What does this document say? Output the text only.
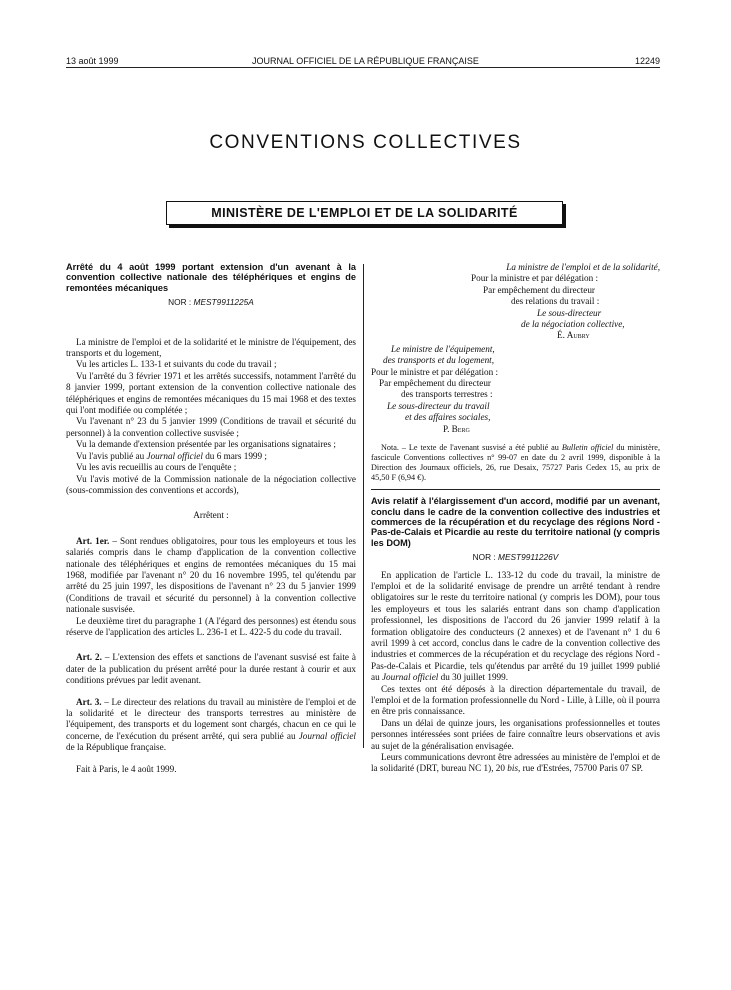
13 août 1999	JOURNAL OFFICIEL DE LA RÉPUBLIQUE FRANÇAISE	12249
CONVENTIONS COLLECTIVES
MINISTÈRE DE L'EMPLOI ET DE LA SOLIDARITÉ
Arrêté du 4 août 1999 portant extension d'un avenant à la convention collective nationale des téléphériques et engins de remontées mécaniques
NOR : MEST9911225A

La ministre de l'emploi et de la solidarité et le ministre de l'équipement, des transports et du logement,

Vu les articles L. 133-1 et suivants du code du travail ;

Vu l'arrêté du 3 février 1971 et les arrêtés successifs, notamment l'arrêté du 8 janvier 1999, portant extension de la convention collective nationale des téléphériques et engins de remontées mécaniques du 15 mai 1968 et des textes qui l'ont modifiée ou complétée ;

Vu l'avenant n° 23 du 5 janvier 1999 (Conditions de travail et sécurité du personnel) à la convention collective susvisée ;

Vu la demande d'extension présentée par les organisations signataires ;

Vu l'avis publié au Journal officiel du 6 mars 1999 ;

Vu les avis recueillis au cours de l'enquête ;

Vu l'avis motivé de la Commission nationale de la négociation collective (sous-commission des conventions et accords),

Arrêtent :

Art. 1er. – Sont rendues obligatoires, pour tous les employeurs et tous les salariés compris dans le champ d'application de la convention collective nationale des téléphériques et engins de remontées mécaniques du 15 mai 1968, modifiée par l'avenant n° 20 du 16 novembre 1995, tel qu'étendu par arrêté du 25 juin 1997, les dispositions de l'avenant n° 23 du 5 janvier 1999 (Conditions de travail et sécurité du personnel) à la convention collective nationale susvisée.

Le deuxième tiret du paragraphe 1 (A l'égard des personnes) est étendu sous réserve de l'application des articles L. 236-1 et L. 422-5 du code du travail.

Art. 2. – L'extension des effets et sanctions de l'avenant susvisé est faite à dater de la publication du présent arrêté pour la durée restant à courir et aux conditions prévues par ledit avenant.

Art. 3. – Le directeur des relations du travail au ministère de l'emploi et de la solidarité et le directeur des transports terrestres au ministère de l'équipement, des transports et du logement sont chargés, chacun en ce qui le concerne, de l'exécution du présent arrêté, qui sera publié au Journal officiel de la République française.

Fait à Paris, le 4 août 1999.

La ministre de l'emploi et de la solidarité,
Pour la ministre et par délégation :
Par empêchement du directeur
des relations du travail :
Le sous-directeur
de la négociation collective,
É. Aubry
Le ministre de l'équipement,
des transports et du logement,
Pour le ministre et par délégation :
Par empêchement du directeur
des transports terrestres :
Le sous-directeur du travail
et des affaires sociales,
P. Berg
Nota. – Le texte de l'avenant susvisé a été publié au Bulletin officiel du ministère, fascicule Conventions collectives n° 99-07 en date du 2 avril 1999, disponible à la Direction des Journaux officiels, 26, rue Desaix, 75727 Paris Cedex 15, au prix de 45,50 F (6,94 €).
Avis relatif à l'élargissement d'un accord, modifié par un avenant, conclu dans le cadre de la convention collective des industries et commerces de la récupération et du recyclage des régions Nord - Pas-de-Calais et Picardie au reste du territoire national (y compris les DOM)
NOR : MEST9911226V

En application de l'article L. 133-12 du code du travail, la ministre de l'emploi et de la solidarité envisage de prendre un arrêté tendant à rendre obligatoires sur le reste du territoire national (y compris les DOM), pour tous les employeurs et tous les salariés entrant dans son champ d'application professionnel, les dispositions de l'accord du 26 janvier 1999 relatif à la formation obligatoire des conducteurs (2 annexes) et de l'avenant n° 1 du 6 avril 1999 à cet accord, conclus dans le cadre de la convention collective des industries et commerces de la récupération et du recyclage des régions Nord - Pas-de-Calais et Picardie, tels qu'étendus par arrêté du 19 juillet 1999 publié au Journal officiel du 30 juillet 1999.

Ces textes ont été déposés à la direction départementale du travail, de l'emploi et de la formation professionnelle du Nord - Lille, à Lille, où il pourra en être pris connaissance.

Dans un délai de quinze jours, les organisations professionnelles et toutes personnes intéressées sont priées de faire connaître leurs observations et avis au sujet de la généralisation envisagée.

Leurs communications devront être adressées au ministère de l'emploi et de la solidarité (DRT, bureau NC 1), 20 bis, rue d'Estrées, 75700 Paris 07 SP.
